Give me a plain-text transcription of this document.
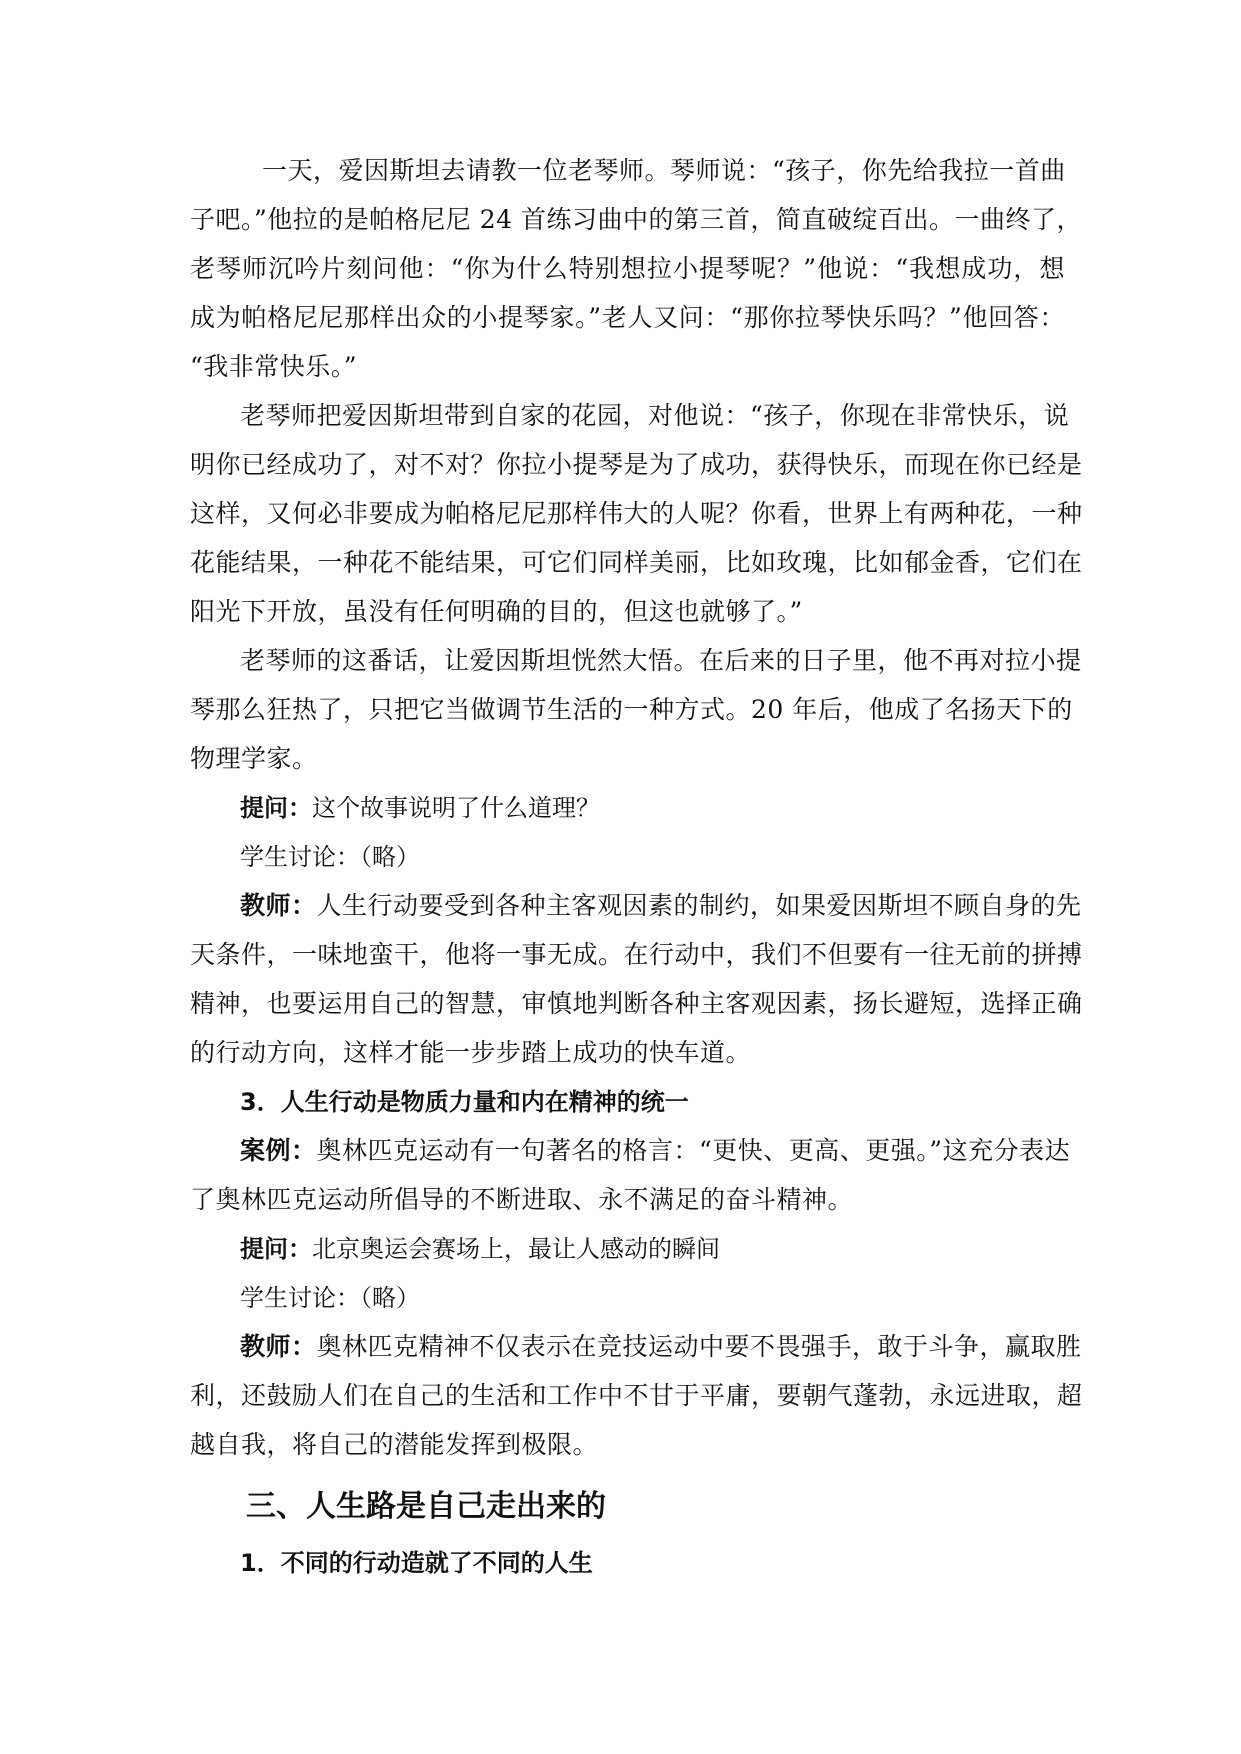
一天，爱因斯坦去请教一位老琴师。琴师说：“孩子，你先给我拉一首曲
子吧。”他拉的是帕格尼尼 24 首练习曲中的第三首，简直破绽百出。一曲终了，
老琴师沉吟片刻问他：“你为什么特别想拉小提琴呢？”他说：“我想成功，想
成为帕格尼尼那样出众的小提琴家。”老人又问：“那你拉琴快乐吗？”他回答：
“我非常快乐。”
老琴师把爱因斯坦带到自家的花园，对他说：“孩子，你现在非常快乐，说
明你已经成功了，对不对？你拉小提琴是为了成功，获得快乐，而现在你已经是
这样，又何必非要成为帕格尼尼那样伟大的人呢？你看，世界上有两种花，一种
花能结果，一种花不能结果，可它们同样美丽，比如玫瑰，比如郁金香，它们在
阳光下开放，虽没有任何明确的目的，但这也就够了。”
老琴师的这番话，让爱因斯坦恍然大悟。在后来的日子里，他不再对拉小提
琴那么狂热了，只把它当做调节生活的一种方式。20 年后，他成了名扬天下的
物理学家。
提问：这个故事说明了什么道理？
学生讨论：（略）
教师：人生行动要受到各种主客观因素的制约，如果爱因斯坦不顾自身的先
天条件，一味地蛮干，他将一事无成。在行动中，我们不但要有一往无前的拼搏
精神，也要运用自己的智慧，审慎地判断各种主客观因素，扬长避短，选择正确
的行动方向，这样才能一步步踏上成功的快车道。
3．人生行动是物质力量和内在精神的统一
案例：奥林匹克运动有一句著名的格言：“更快、更高、更强。”这充分表达
了奥林匹克运动所倡导的不断进取、永不满足的奋斗精神。
提问：北京奥运会赛场上，最让人感动的瞬间
学生讨论：（略）
教师：奥林匹克精神不仅表示在竞技运动中要不畏强手，敢于斗争，赢取胜
利，还鼓励人们在自己的生活和工作中不甘于平庸，要朝气蓬勃，永远进取，超
越自我，将自己的潜能发挥到极限。
三、人生路是自己走出来的
1．不同的行动造就了不同的人生
